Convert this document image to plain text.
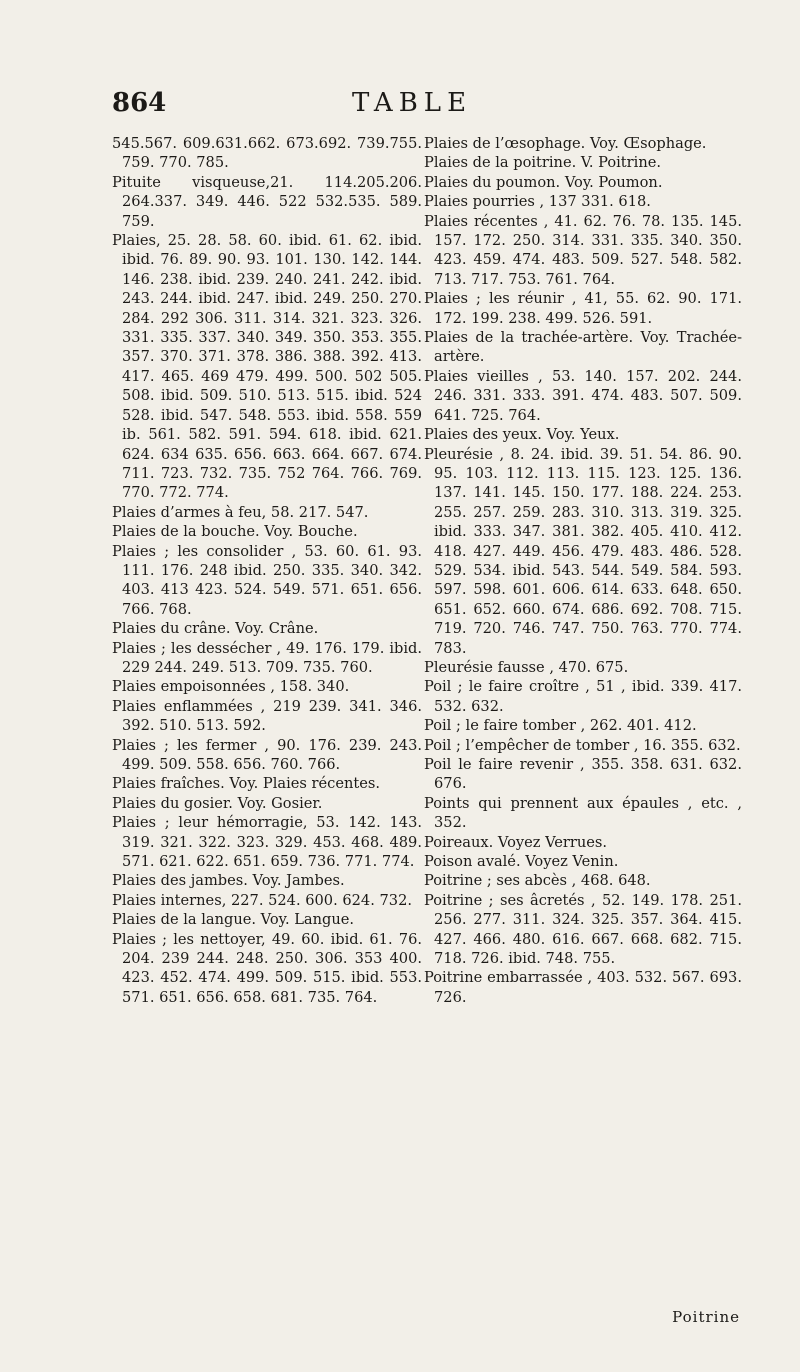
864	TABLE

545.567. 609.631.662. 673.692. 739.755. 759. 770. 785.

Pituite visqueuse,21. 114.205.206. 264.337. 349. 446. 522 532.535. 589. 759.

Plaies, 25. 28. 58. 60. ibid. 61. 62. ibid. ibid. 76. 89. 90. 93. 101. 130. 142. 144. 146. 238. ibid. 239. 240. 241. 242. ibid. 243. 244. ibid. 247. ibid. 249. 250. 270. 284. 292 306. 311. 314. 321. 323. 326. 331. 335. 337. 340. 349. 350. 353. 355. 357. 370. 371. 378. 386. 388. 392. 413. 417. 465. 469 479. 499. 500. 502 505. 508. ibid. 509. 510. 513. 515. ibid. 524 528. ibid. 547. 548. 553. ibid. 558. 559 ib. 561. 582. 591. 594. 618. ibid. 621. 624. 634 635. 656. 663. 664. 667. 674. 711. 723. 732. 735. 752 764. 766. 769. 770. 772. 774.

Plaies d’armes à feu, 58. 217. 547.

Plaies de la bouche. Voy. Bouche.

Plaies ; les consolider , 53. 60. 61. 93. 111. 176. 248 ibid. 250. 335. 340. 342. 403. 413 423. 524. 549. 571. 651. 656. 766. 768.

Plaies du crâne. Voy. Crâne.

Plaies ; les dessécher , 49. 176. 179. ibid. 229 244. 249. 513. 709. 735. 760.

Plaies empoisonnées , 158. 340.

Plaies enflammées , 219 239. 341. 346. 392. 510. 513. 592.

Plaies ; les fermer , 90. 176. 239. 243. 499. 509. 558. 656. 760. 766.

Plaies fraîches. Voy. Plaies récentes.

Plaies du gosier. Voy. Gosier.

Plaies ; leur hémorragie, 53. 142. 143. 319. 321. 322. 323. 329. 453. 468. 489. 571. 621. 622. 651. 659. 736. 771. 774.

Plaies des jambes. Voy. Jambes.

Plaies internes, 227. 524. 600. 624. 732.

Plaies de la langue. Voy. Langue.

Plaies ; les nettoyer, 49. 60. ibid. 61. 76. 204. 239 244. 248. 250. 306. 353 400. 423. 452. 474. 499. 509. 515. ibid. 553. 571. 651. 656. 658. 681. 735. 764.

Plaies de l’œsophage. Voy. Œsophage.

Plaies de la poitrine. V. Poitrine.

Plaies du poumon. Voy. Poumon.

Plaies pourries , 137 331. 618.

Plaies récentes , 41. 62. 76. 78. 135. 145. 157. 172. 250. 314. 331. 335. 340. 350. 423. 459. 474. 483. 509. 527. 548. 582. 713. 717. 753. 761. 764.

Plaies ; les réunir , 41, 55. 62. 90. 171. 172. 199. 238. 499. 526. 591.

Plaies de la trachée-artère. Voy. Trachée-artère.

Plaies vieilles , 53. 140. 157. 202. 244. 246. 331. 333. 391. 474. 483. 507. 509. 641. 725. 764.

Plaies des yeux. Voy. Yeux.

Pleurésie , 8. 24. ibid. 39. 51. 54. 86. 90. 95. 103. 112. 113. 115. 123. 125. 136. 137. 141. 145. 150. 177. 188. 224. 253. 255. 257. 259. 283. 310. 313. 319. 325. ibid. 333. 347. 381. 382. 405. 410. 412. 418. 427. 449. 456. 479. 483. 486. 528. 529. 534. ibid. 543. 544. 549. 584. 593. 597. 598. 601. 606. 614. 633. 648. 650. 651. 652. 660. 674. 686. 692. 708. 715. 719. 720. 746. 747. 750. 763. 770. 774. 783.

Pleurésie fausse , 470. 675.

Poil ; le faire croître , 51 , ibid. 339. 417. 532. 632.

Poil ; le faire tomber , 262. 401. 412.

Poil ; l’empêcher de tomber , 16. 355. 632.

Poil le faire revenir , 355. 358. 631. 632. 676.

Points qui prennent aux épaules , etc. , 352.

Poireaux. Voyez Verrues.

Poison avalé. Voyez Venin.

Poitrine ; ses abcès , 468. 648.

Poitrine ; ses âcretés , 52. 149. 178. 251. 256. 277. 311. 324. 325. 357. 364. 415. 427. 466. 480. 616. 667. 668. 682. 715. 718. 726. ibid. 748. 755.

Poitrine embarrassée , 403. 532. 567. 693. 726.

Poitrine
